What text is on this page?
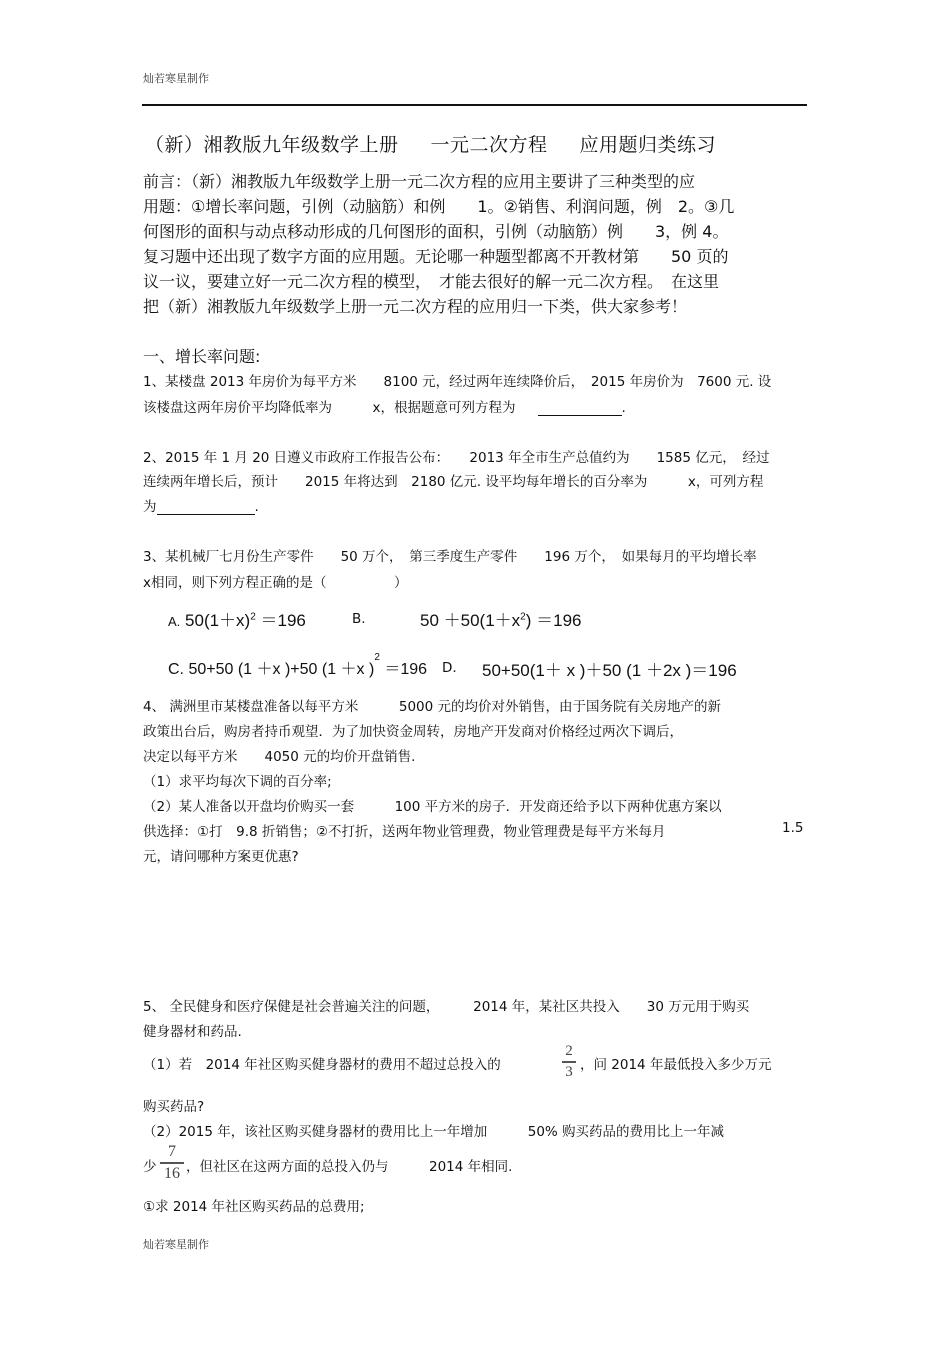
灿若寒星制作
（新）湘教版九年级数学上册 一元二次方程 应用题归类练习
前言：（新）湘教版九年级数学上册一元二次方程的应用主要讲了三种类型的应
用题：①增长率问题，引例（动脑筋）和例　　1。②销售、利润问题，例　2。③几
何图形的面积与动点移动形成的几何图形的面积，引例（动脑筋）例　　3，例 4。
复习题中还出现了数字方面的应用题。无论哪一种题型都离不开教材第　　50 页的
议一议，要建立好一元二次方程的模型，　才能去很好的解一元二次方程。　在这里
把（新）湘教版九年级数学上册一元二次方程的应用归一下类，供大家参考！
一、增长率问题:
1、某楼盘 2013 年房价为每平方米　　8100 元，经过两年连续降价后，　2015 年房价为　7600 元. 设
该楼盘这两年房价平均降低率为　　　x，根据题意可列方程为	.
2、2015 年 1 月 20 日遵义市政府工作报告公布：　　2013 年全市生产总值约为　　1585 亿元，　经过
连续两年增长后，预计　　2015 年将达到　2180 亿元. 设平均每年增长的百分率为　　　x，可列方程
为	.
3、某机械厂七月份生产零件　　50 万个，　第三季度生产零件　　196 万个，　如果每月的平均增长率
x相同，则下列方程正确的是（　　　　　）
A. $50(1+x)^2 =196$	B.	$50 +50(1+x^2) =196$
C. 50+50 (1 ＋x )+50 (1 ＋x )$^2$ ＝196 D. 50+50(1＋ x )＋50 (1 ＋2x )＝196
4、 满洲里市某楼盘准备以每平方米　　　5000 元的均价对外销售，由于国务院有关房地产的新
政策出台后，购房者持币观望．为了加快资金周转，房地产开发商对价格经过两次下调后，
决定以每平方米　　4050 元的均价开盘销售.
（1）求平均每次下调的百分率;
（2）某人准备以开盘均价购买一套　　　100 平方米的房子．开发商还给予以下两种优惠方案以
供选择：①打　9.8 折销售；②不打折，送两年物业管理费，物业管理费是每平方米每月	1.5
元，请问哪种方案更优惠?
5、 全民健身和医疗保健是社会普遍关注的问题，　　　2014 年，某社区共投入　　30 万元用于购买
健身器材和药品.
（1）若　2014 年社区购买健身器材的费用不超过总投入的
2
3 ，问 2014 年最低投入多少万元
购买药品?
（2）2015 年，该社区购买健身器材的费用比上一年增加　　　50% 购买药品的费用比上一年减
少
7
16 ，但社区在这两方面的总投入仍与　　　2014 年相同.
①求 2014 年社区购买药品的总费用;
灿若寒星制作
